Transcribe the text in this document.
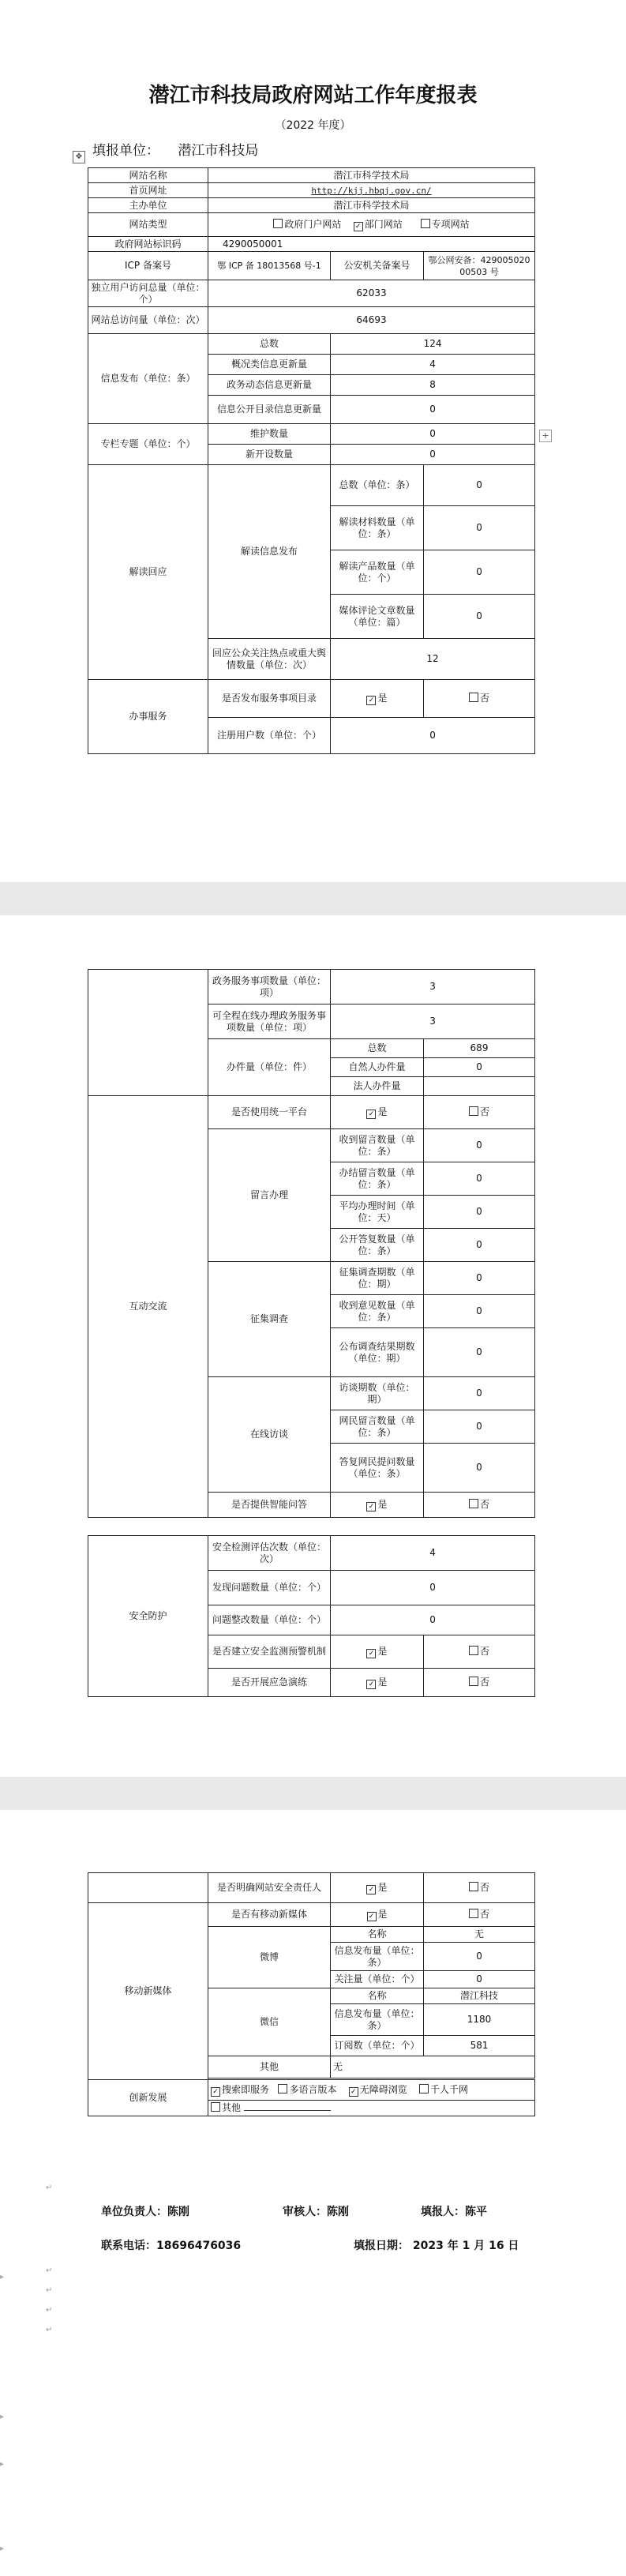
潜江市科技局政府网站工作年度报表
（2022 年度）
✥ 填报单位： 潜江市科技局
+
网站名称	潜江市科学技术局		
首页网址	http://kjj.hbqj.gov.cn/		
主办单位	潜江市科学技术局		
网站类型	政府门户网站 ✓ 部门网站 专项网站		
政府网站标识码	4290050001		
ICP 备案号	鄂 ICP 备 18013568 号-1	公安机关备案号	鄂公网安备：42900502000503 号
独立用户访问总量（单位：个）	62033		
网站总访问量（单位：次）	64693		
信息发布（单位：条）	总数	124	
	概况类信息更新量	4	
	政务动态信息更新量	8	
	信息公开目录信息更新量	0	
专栏专题（单位：个）	维护数量	0	
	新开设数量	0	
解读回应	解读信息发布	总数（单位：条）	0
		解读材料数量（单位：条）	0
		解读产品数量（单位：个）	0
		媒体评论文章数量（单位：篇）	0
	回应公众关注热点或重大舆情数量（单位：次）	12	
办事服务	是否发布服务事项目录	✓ 是	否
	注册用户数（单位：个）	0	
	政务服务事项数量（单位：项）	3	
	可全程在线办理政务服务事项数量（单位：项）	3	
	办件量（单位：件）	总数	689
		自然人办件量	0
		法人办件量	
互动交流	是否使用统一平台	✓ 是	否
	留言办理	收到留言数量（单位：条）	0
		办结留言数量（单位：条）	0
		平均办理时间（单位：天）	0
		公开答复数量（单位：条）	0
	征集调查	征集调查期数（单位：期）	0
		收到意见数量（单位：条）	0
		公布调查结果期数（单位：期）	0
	在线访谈	访谈期数（单位：期）	0
		网民留言数量（单位：条）	0
		答复网民提问数量（单位：条）	0
	是否提供智能问答	✓ 是	否
安全防护	安全检测评估次数（单位：次）	4	
	发现问题数量（单位：个）	0	
	问题整改数量（单位：个）	0	
	是否建立安全监测预警机制	✓ 是	否
	是否开展应急演练	✓ 是	否
	是否明确网站安全责任人	✓ 是	否
移动新媒体	是否有移动新媒体	✓ 是	否
	微博	名称	无
		信息发布量（单位：条）	0
		关注量（单位：个）	0
	微信	名称	潜江科技
		信息发布量（单位：条）	1180
		订阅数（单位：个）	581
	其他	无	

创新发展	✓ 搜索即服务 多语言版本 ✓ 无障碍浏览 千人千网		
	其他		
单位负责人：陈刚	审核人：陈刚	填报人：陈平
联系电话：18696476036	填报日期： 2023 年 1 月 16 日
↵
↵
↵
↵
↵
▸
▸
▸
▸
